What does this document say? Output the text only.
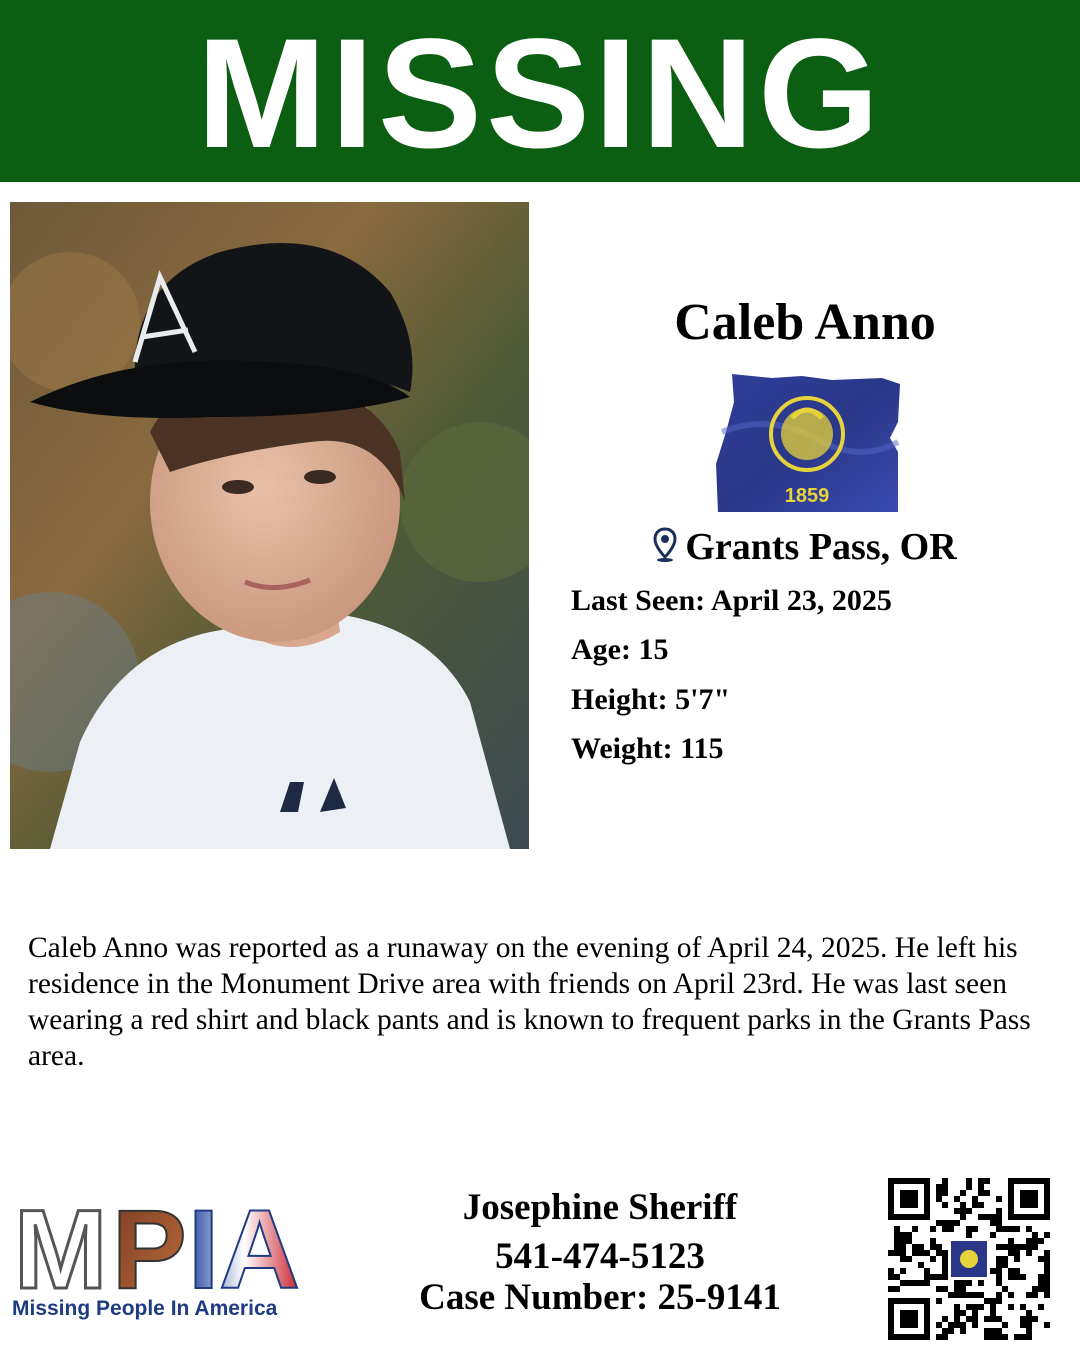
MISSING
Caleb Anno
1859
Grants Pass, OR
Last Seen: April 23, 2025
Age: 15
Height: 5'7"
Weight: 115
Caleb Anno was reported as a runaway on the evening of April 24, 2025. He left his residence in the Monument Drive area with friends on April 23rd. He was last seen wearing a red shirt and black pants and is known to frequent parks in the Grants Pass area.
M P IA
Missing People In America
Josephine Sheriff
541-474-5123
Case Number: 25-9141
